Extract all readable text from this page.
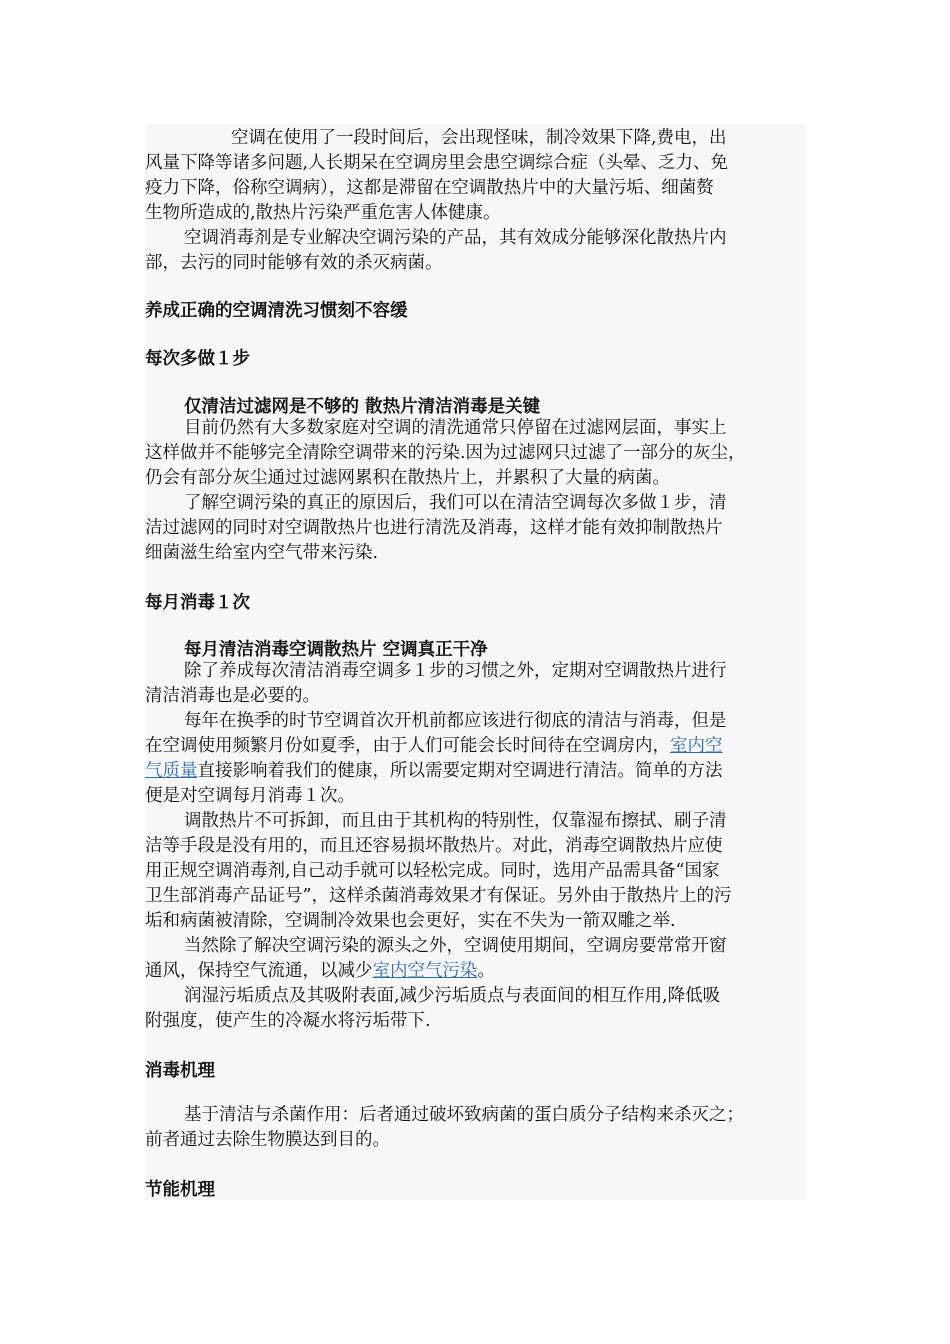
空调在使用了一段时间后，会出现怪味，制冷效果下降,费电，出
风量下降等诸多问题,人长期呆在空调房里会患空调综合症（头晕、乏力、免
疫力下降，俗称空调病），这都是滞留在空调散热片中的大量污垢、细菌赘
生物所造成的,散热片污染严重危害人体健康。
空调消毒剂是专业解决空调污染的产品，其有效成分能够深化散热片内
部，去污的同时能够有效的杀灭病菌。
养成正确的空调清洗习惯刻不容缓
每次多做１步
仅清洁过滤网是不够的 散热片清洁消毒是关键
目前仍然有大多数家庭对空调的清洗通常只停留在过滤网层面，事实上
这样做并不能够完全清除空调带来的污染.因为过滤网只过滤了一部分的灰尘，
仍会有部分灰尘通过过滤网累积在散热片上，并累积了大量的病菌。
了解空调污染的真正的原因后，我们可以在清洁空调每次多做１步，清
洁过滤网的同时对空调散热片也进行清洗及消毒，这样才能有效抑制散热片
细菌滋生给室内空气带来污染.
每月消毒１次
每月清洁消毒空调散热片 空调真正干净
除了养成每次清洁消毒空调多１步的习惯之外，定期对空调散热片进行
清洁消毒也是必要的。
每年在换季的时节空调首次开机前都应该进行彻底的清洁与消毒，但是
在空调使用频繁月份如夏季，由于人们可能会长时间待在空调房内，室内空
气质量直接影响着我们的健康，所以需要定期对空调进行清洁。简单的方法
便是对空调每月消毒１次。
调散热片不可拆卸，而且由于其机构的特别性，仅靠湿布擦拭、刷子清
洁等手段是没有用的，而且还容易损坏散热片。对此，消毒空调散热片应使
用正规空调消毒剂,自己动手就可以轻松完成。同时，选用产品需具备“国家
卫生部消毒产品证号”，这样杀菌消毒效果才有保证。另外由于散热片上的污
垢和病菌被清除，空调制冷效果也会更好，实在不失为一箭双雕之举.
当然除了解决空调污染的源头之外，空调使用期间，空调房要常常开窗
通风，保持空气流通，以减少室内空气污染。
润湿污垢质点及其吸附表面,减少污垢质点与表面间的相互作用,降低吸
附强度，使产生的冷凝水将污垢带下.
消毒机理
基于清洁与杀菌作用：后者通过破坏致病菌的蛋白质分子结构来杀灭之；
前者通过去除生物膜达到目的。
节能机理
